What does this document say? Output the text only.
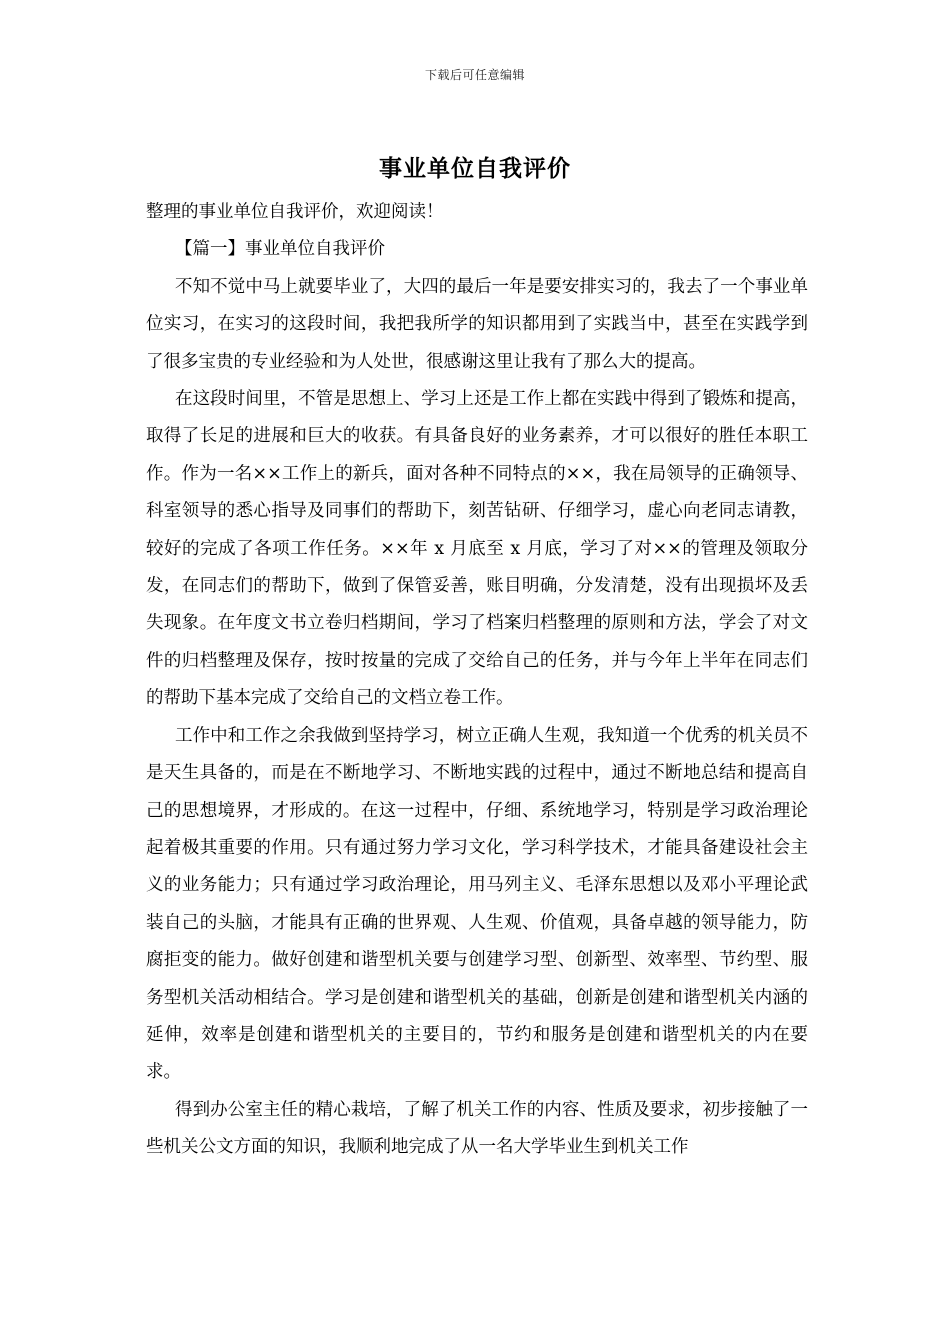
下载后可任意编辑
事业单位自我评价

整理的事业单位自我评价，欢迎阅读！

【篇一】事业单位自我评价

不知不觉中马上就要毕业了，大四的最后一年是要安排实习的，我去了一个事业单位实习，在实习的这段时间，我把我所学的知识都用到了实践当中，甚至在实践学到了很多宝贵的专业经验和为人处世，很感谢这里让我有了那么大的提高。

在这段时间里，不管是思想上、学习上还是工作上都在实践中得到了锻炼和提高，取得了长足的进展和巨大的收获。有具备良好的业务素养，才可以很好的胜任本职工作。作为一名××工作上的新兵，面对各种不同特点的××，我在局领导的正确领导、科室领导的悉心指导及同事们的帮助下，刻苦钻研、仔细学习，虚心向老同志请教，较好的完成了各项工作任务。××年 x 月底至 x 月底，学习了对××的管理及领取分发，在同志们的帮助下，做到了保管妥善，账目明确，分发清楚，没有出现损坏及丢失现象。在年度文书立卷归档期间，学习了档案归档整理的原则和方法，学会了对文件的归档整理及保存，按时按量的完成了交给自己的任务，并与今年上半年在同志们的帮助下基本完成了交给自己的文档立卷工作。

工作中和工作之余我做到坚持学习，树立正确人生观，我知道一个优秀的机关员不是天生具备的，而是在不断地学习、不断地实践的过程中，通过不断地总结和提高自己的思想境界，才形成的。在这一过程中，仔细、系统地学习，特别是学习政治理论起着极其重要的作用。只有通过努力学习文化，学习科学技术，才能具备建设社会主义的业务能力；只有通过学习政治理论，用马列主义、毛泽东思想以及邓小平理论武装自己的头脑，才能具有正确的世界观、人生观、价值观，具备卓越的领导能力，防腐拒变的能力。做好创建和谐型机关要与创建学习型、创新型、效率型、节约型、服务型机关活动相结合。学习是创建和谐型机关的基础，创新是创建和谐型机关内涵的延伸，效率是创建和谐型机关的主要目的，节约和服务是创建和谐型机关的内在要求。

得到办公室主任的精心栽培，了解了机关工作的内容、性质及要求，初步接触了一些机关公文方面的知识，我顺利地完成了从一名大学毕业生到机关工作
